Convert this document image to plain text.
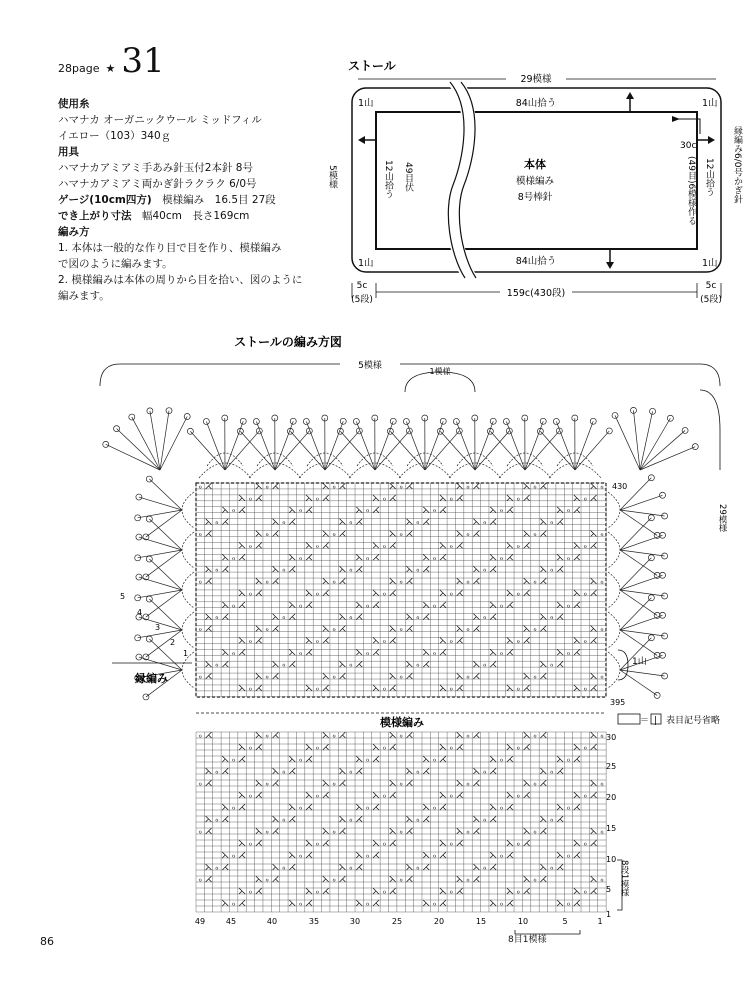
28page ★ 31
使用糸
ハマナカ オーガニックウール ミッドフィル
イエロー（103）340ｇ
用具
ハマナカアミアミ手あみ針玉付2本針 8号
ハマナカアミアミ両かぎ針ラクラク 6/0号
ゲージ(10cm四方)　 模様編み　16.5目 27段
でき上がり寸法　 幅40cm　長さ169cm
編み方
1. 本体は一般的な作り目で目を作り、模様編み
で図のように編みます。
2. 模様編みは本体の周りから目を拾い、図のように
編みます。
ストール
29模様
84山拾う
84山拾う
1山	1山
1山	1山
5模様	12山拾う 49目伏	本体
模様編み
8号棒針
30c
(49目)6模様作る 12山拾う 縁編み6/0号かぎ針
5c
(5段)
159c(430段)
5c
(5段)
ストールの編み方図
5模様
1模様
29模様
ℴ	ℴ	ℴ	ℴ	ℴ	ℴ	ℴ
ℴ	ℴ	ℴ	ℴ	ℴ	ℴ
ℴ	ℴ	ℴ	ℴ	ℴ	ℴ
ℴ	ℴ	ℴ	ℴ	ℴ	ℴ
ℴ	ℴ	ℴ	ℴ	ℴ	ℴ	ℴ
ℴ	ℴ	ℴ	ℴ	ℴ	ℴ
ℴ	ℴ	ℴ	ℴ	ℴ	ℴ
ℴ	ℴ	ℴ	ℴ	ℴ	ℴ
ℴ	ℴ	ℴ	ℴ	ℴ	ℴ	ℴ
ℴ	ℴ	ℴ	ℴ	ℴ	ℴ
ℴ	ℴ	ℴ	ℴ	ℴ	ℴ
ℴ	ℴ	ℴ	ℴ	ℴ	ℴ
ℴ	ℴ	ℴ	ℴ	ℴ	ℴ	ℴ
ℴ	ℴ	ℴ	ℴ	ℴ	ℴ
ℴ	ℴ	ℴ	ℴ	ℴ	ℴ
ℴ	ℴ	ℴ	ℴ	ℴ	ℴ
ℴ	ℴ	ℴ	ℴ	ℴ	ℴ	ℴ
ℴ	ℴ	ℴ	ℴ	ℴ	ℴ
430
395
1山
縁編み
5
4
3
2
1
模様編み	＝ | 表目記号省略
ℴ	ℴ	ℴ	ℴ	ℴ	ℴ	ℴ
ℴ	ℴ	ℴ	ℴ	ℴ	ℴ
ℴ	ℴ	ℴ	ℴ	ℴ	ℴ
ℴ	ℴ	ℴ	ℴ	ℴ	ℴ
ℴ	ℴ	ℴ	ℴ	ℴ	ℴ	ℴ
ℴ	ℴ	ℴ	ℴ	ℴ	ℴ
ℴ	ℴ	ℴ	ℴ	ℴ	ℴ
ℴ	ℴ	ℴ	ℴ	ℴ	ℴ
ℴ	ℴ	ℴ	ℴ	ℴ	ℴ	ℴ
ℴ	ℴ	ℴ	ℴ	ℴ	ℴ
ℴ	ℴ	ℴ	ℴ	ℴ	ℴ
ℴ	ℴ	ℴ	ℴ	ℴ	ℴ
ℴ	ℴ	ℴ	ℴ	ℴ	ℴ	ℴ
ℴ	ℴ	ℴ	ℴ	ℴ	ℴ
ℴ	ℴ	ℴ	ℴ	ℴ	ℴ
30
25
20
15
10
5
1
8段1模様
49	45	40	35	30	25	20	15	10	5	1
8目1模様
86
